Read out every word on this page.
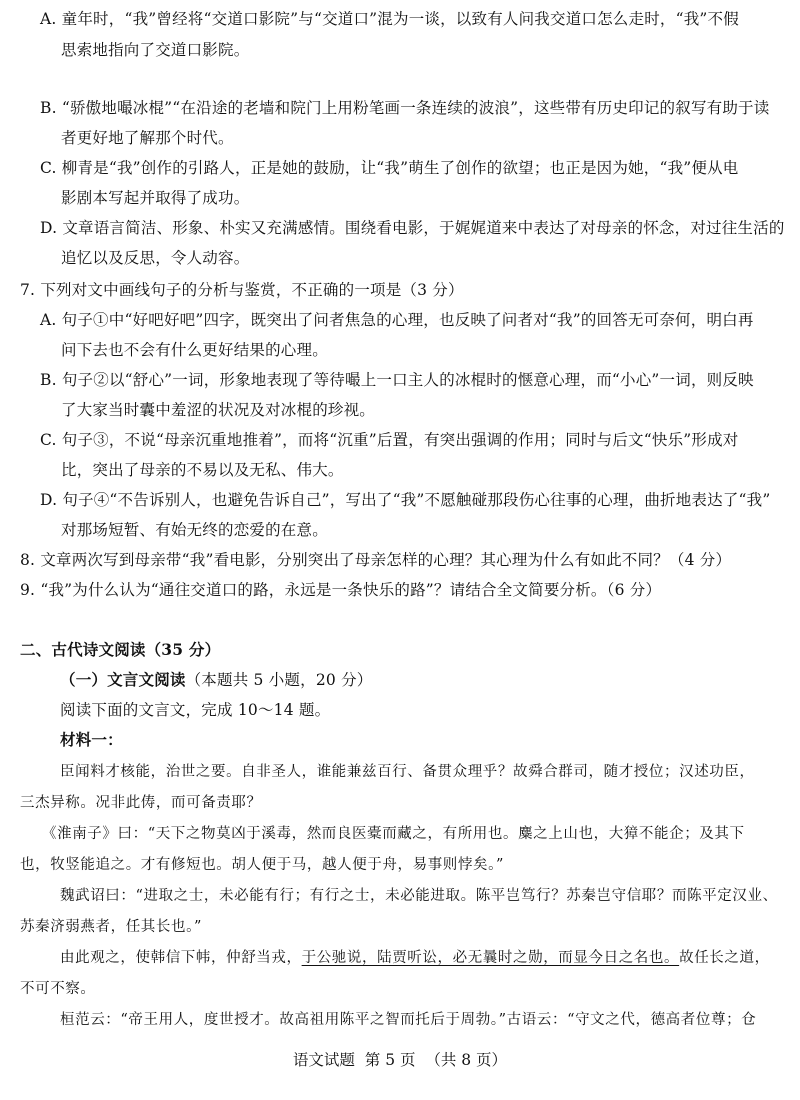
A. 童年时，“我”曾经将“交道口影院”与“交道口”混为一谈，以致有人问我交道口怎么走时，“我”不假
思索地指向了交道口影院。
B. “骄傲地嘬冰棍”“在沿途的老墙和院门上用粉笔画一条连续的波浪”，这些带有历史印记的叙写有助于读
者更好地了解那个时代。
C. 柳青是“我”创作的引路人，正是她的鼓励，让“我”萌生了创作的欲望；也正是因为她，“我”便从电
影剧本写起并取得了成功。
D. 文章语言简洁、形象、朴实又充满感情。围绕看电影，于娓娓道来中表达了对母亲的怀念，对过往生活的
追忆以及反思，令人动容。
7. 下列对文中画线句子的分析与鉴赏，不正确的一项是（3 分）
A. 句子①中“好吧好吧”四字，既突出了问者焦急的心理，也反映了问者对“我”的回答无可奈何，明白再
问下去也不会有什么更好结果的心理。
B. 句子②以“舒心”一词，形象地表现了等待嘬上一口主人的冰棍时的惬意心理，而“小心”一词，则反映
了大家当时囊中羞涩的状况及对冰棍的珍视。
C. 句子③，不说“母亲沉重地推着”，而将“沉重”后置，有突出强调的作用；同时与后文“快乐”形成对
比，突出了母亲的不易以及无私、伟大。
D. 句子④“不告诉别人，也避免告诉自己”，写出了“我”不愿触碰那段伤心往事的心理，曲折地表达了“我”
对那场短暂、有始无终的恋爱的在意。
8. 文章两次写到母亲带“我”看电影，分别突出了母亲怎样的心理？其心理为什么有如此不同？（4 分）
9. “我”为什么认为“通往交道口的路，永远是一条快乐的路”？请结合全文简要分析。（6 分）
二、古代诗文阅读（35 分）
（一）文言文阅读（本题共 5 小题，20 分）
阅读下面的文言文，完成 10～14 题。
材料一：
臣闻料才核能，治世之要。自非圣人，谁能兼兹百行、备贯众理乎？故舜合群司，随才授位；汉述功臣，
三杰异称。况非此俦，而可备责耶？
《淮南子》曰：“天下之物莫凶于溪毒，然而良医橐而藏之，有所用也。麋之上山也，大獐不能企；及其下
也，牧竖能追之。才有修短也。胡人便于马，越人便于舟，易事则悖矣。”
魏武诏曰：“进取之士，未必能有行；有行之士，未必能进取。陈平岂笃行？苏秦岂守信耶？而陈平定汉业、
苏秦济弱燕者，任其长也。”
由此观之，使韩信下帏，仲舒当戎，于公驰说，陆贾听讼，必无曩时之勋，而显今日之名也。故任长之道，
不可不察。
桓范云：“帝王用人，度世授才。故高祖用陈平之智而托后于周勃。”古语云：“守文之代，德高者位尊；仓
语文试题  第 5 页  （共 8 页）
